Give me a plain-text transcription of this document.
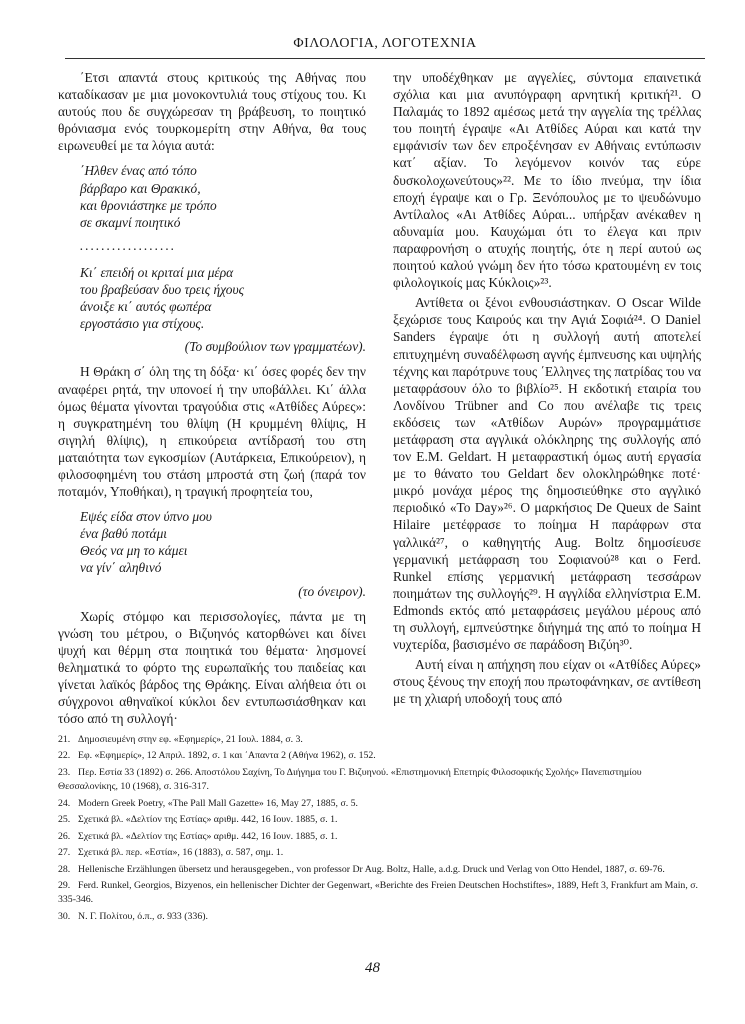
ΦΙΛΟΛΟΓΙΑ, ΛΟΓΟΤΕΧΝΙΑ

΄Ετσι απαντά στους κριτικούς της Αθήνας που καταδίκασαν με μια μονοκοντυλιά τους στίχους του. Κι αυτούς που δε συγχώρεσαν τη βράβευση, το ποιητικό θρόνιασμα ενός τουρκομερίτη στην Αθήνα, θα τους ειρωνευθεί με τα λόγια αυτά:

΄Ηλθεν ένας από τόπο
βάρβαρο και Θρακικό,
και θρονιάστηκε με τρόπο
σε σκαμνί ποιητικό
..................
Κι΄ επειδή οι κριταί μια μέρα
του βραβεύσαν δυο τρεις ήχους
άνοιξε κι΄ αυτός φωπέρα
εργοστάσιο για στίχους.
(Το συμβούλιον των γραμματέων).

Η Θράκη σ΄ όλη της τη δόξα· κι΄ όσες φορές δεν την αναφέρει ρητά, την υπονοεί ή την υποβάλλει. Κι΄ άλλα όμως θέματα γίνονται τραγούδια στις «Ατθίδες Αύρες»: η συγκρατημένη του θλίψη (Η κρυμμένη θλίψις, Η σιγηλή θλίψις), η επικούρεια αντίδρασή του στη ματαιότητα των εγκοσμίων (Αυτάρκεια, Επικούρειον), η φιλοσοφημένη του στάση μπροστά στη ζωή (παρά τον ποταμόν, Υποθήκαι), η τραγική προφητεία του,

Εψές είδα στον ύπνο μου
ένα βαθύ ποτάμι
Θεός να μη το κάμει
να γίν΄ αληθινό
(το όνειρον).

Χωρίς στόμφο και περισσολογίες, πάντα με τη γνώση του μέτρου, ο Βιζυηνός κατορθώνει και δίνει ψυχή και θέρμη στα ποιητικά του θέματα· λησμονεί θεληματικά το φόρτο της ευρωπαϊκής του παιδείας και γίνεται λαϊκός βάρδος της Θράκης. Είναι αλήθεια ότι οι σύγχρονοι αθηναϊκοί κύκλοι δεν εντυπωσιάσθηκαν και τόσο από τη συλλογή·

την υποδέχθηκαν με αγγελίες, σύντομα επαινετικά σχόλια και μια ανυπόγραφη αρνητική κριτική²¹. Ο Παλαμάς το 1892 αμέσως μετά την αγγελία της τρέλλας του ποιητή έγραψε «Αι Ατθίδες Αύραι και κατά την εμφάνισίν των δεν επροξένησαν εν Αθήναις εντύπωσιν κατ΄ αξίαν. Το λεγόμενον κοινόν τας εύρε δυσκολοχωνεύτους»²². Με το ίδιο πνεύμα, την ίδια εποχή έγραψε και ο Γρ. Ξενόπουλος με το ψευδώνυμο Αντίλαλος «Αι Ατθίδες Αύραι... υπήρξαν ανέκαθεν η αδυναμία μου. Καυχώμαι ότι το έλεγα και πριν παραφρονήση ο ατυχής ποιητής, ότε η περί αυτού ως ποιητού καλού γνώμη δεν ήτο τόσω κρατουμένη εν τοις φιλολογικοίς μας Κύκλοις»²³.

Αντίθετα οι ξένοι ενθουσιάστηκαν. Ο Oscar Wilde ξεχώρισε τους Καιρούς και την Αγιά Σοφιά²⁴. Ο Daniel Sanders έγραψε ότι η συλλογή αυτή αποτελεί επιτυχημένη συναδέλφωση αγνής έμπνευσης και υψηλής τέχνης και παρότρυνε τους ΄Ελληνες της πατρίδας του να μεταφράσουν όλο το βιβλίο²⁵. Η εκδοτική εταιρία του Λονδίνου Trübner and Co που ανέλαβε τις τρεις εκδόσεις των «Ατθίδων Αυρών» προγραμμάτισε μετάφραση στα αγγλικά ολόκληρης της συλλογής από τον E.M. Geldart. Η μεταφραστική όμως αυτή εργασία με το θάνατο του Geldart δεν ολοκληρώθηκε ποτέ· μικρό μονάχα μέρος της δημοσιεύθηκε στο αγγλικό περιοδικό «To Day»²⁶. Ο μαρκήσιος De Queux de Saint Hilaire μετέφρασε το ποίημα Η παράφρων στα γαλλικά²⁷, ο καθηγητής Aug. Boltz δημοσίευσε γερμανική μετάφραση του Σοφιανού²⁸ και ο Ferd. Runkel επίσης γερμανική μετάφραση τεσσάρων ποιημάτων της συλλογής²⁹. Η αγγλίδα ελληνίστρια E.M. Edmonds εκτός από μεταφράσεις μεγάλου μέρους από τη συλλογή, εμπνεύστηκε διήγημά της από το ποίημα Η νυχτερίδα, βασισμένο σε παράδοση Βιζύη³⁰.

Αυτή είναι η απήχηση που είχαν οι «Ατθίδες Αύρες» στους ξένους την εποχή που πρωτοφάνηκαν, σε αντίθεση με τη χλιαρή υποδοχή τους από

21. Δημοσιευμένη στην εφ. «Εφημερίς», 21 Ιουλ. 1884, σ. 3.
22. Εφ. «Εφημερίς», 12 Απριλ. 1892, σ. 1 και ΄Απαντα 2 (Αθήνα 1962), σ. 152.
23. Περ. Εστία 33 (1892) σ. 266. Αποστόλου Σαχίνη, Το Διήγημα του Γ. Βιζυηνού. «Επιστημονική Επετηρίς Φιλοσοφικής Σχολής» Πανεπιστημίου Θεσσαλονίκης, 10 (1968), σ. 316-317.
24. Modern Greek Poetry, «The Pall Mall Gazette» 16, May 27, 1885, σ. 5.
25. Σχετικά βλ. «Δελτίον της Εστίας» αριθμ. 442, 16 Ιουν. 1885, σ. 1.
26. Σχετικά βλ. «Δελτίον της Εστίας» αριθμ. 442, 16 Ιουν. 1885, σ. 1.
27. Σχετικά βλ. περ. «Εστία», 16 (1883), σ. 587, σημ. 1.
28. Hellenische Erzählungen übersetz und herausgegeben., von professor Dr Aug. Boltz, Halle, a.d.g. Druck und Verlag von Otto Hendel, 1887, σ. 69-76.
29. Ferd. Runkel, Georgios, Bizyenos, ein hellenischer Dichter der Gegenwart, «Berichte des Freien Deutschen Hochstiftes», 1889, Heft 3, Frankfurt am Main, σ. 335-346.
30. Ν. Γ. Πολίτου, ό.π., σ. 933 (336).
48
